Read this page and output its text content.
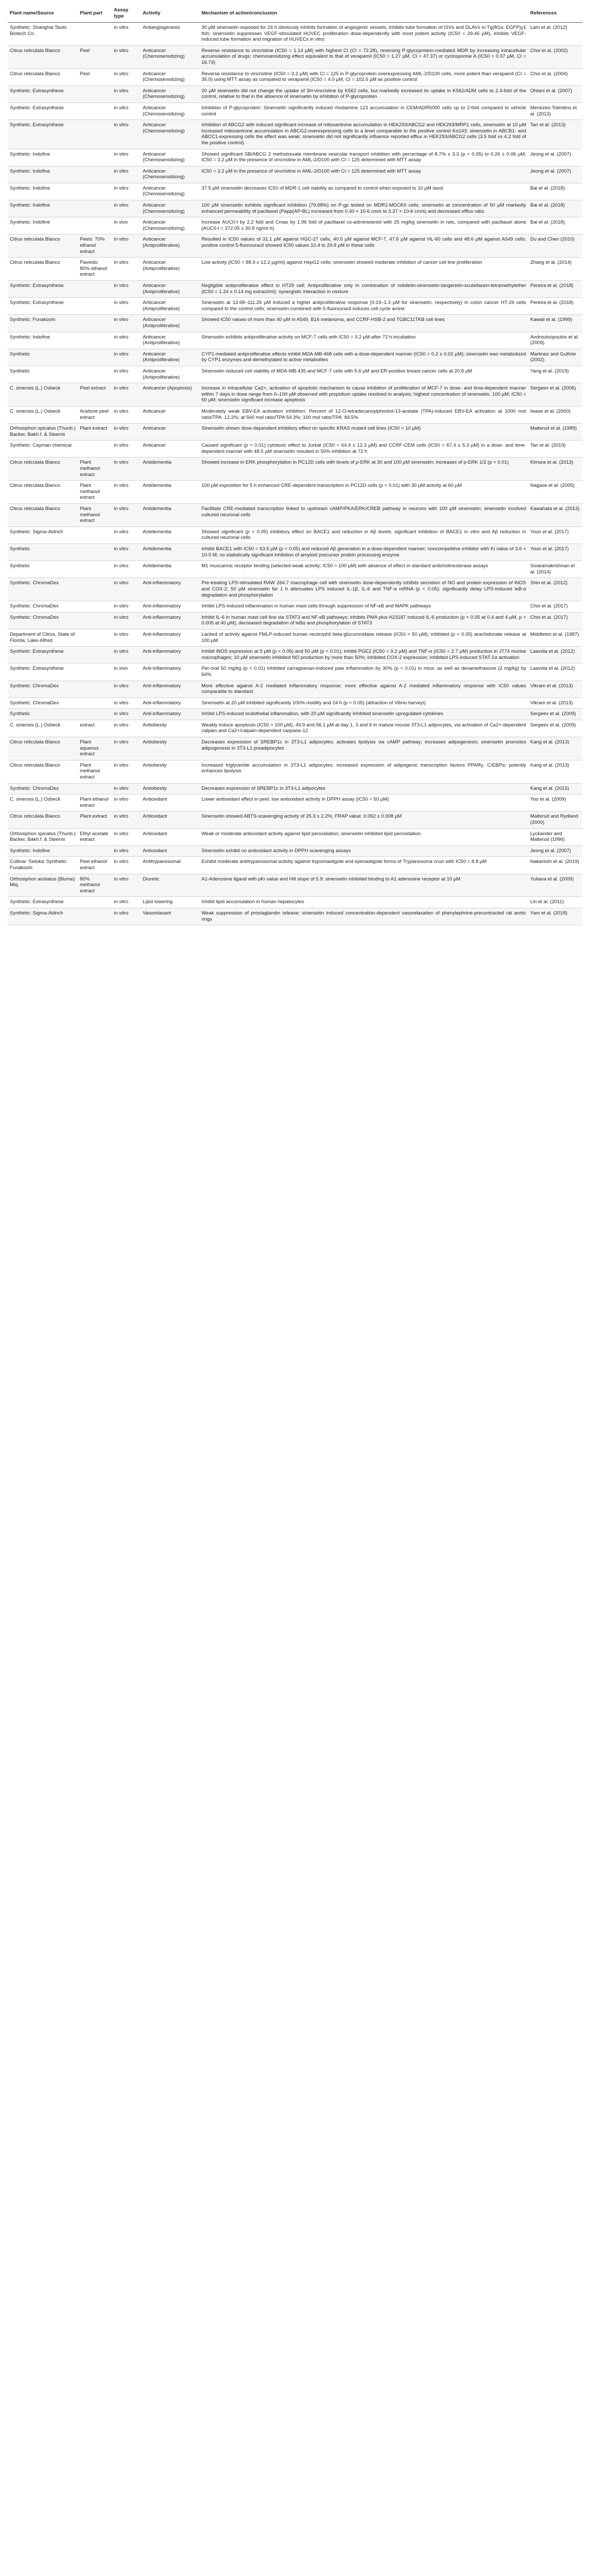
Plant name/Source	Plant part	Assay type	Activity	Mechanism of action/conclusion	References
Synthetic: Shanghai Tauto Biotech Co.		in vitro	Antiangiogenesis	30 µM sinensetin exposed for 24 h obviously inhibits formation of angiogenic vessels, inhibits tube formation of ISVs and DLAVs in Tg(fli1a: EGFP)y1 fish; sinensetin suppresses VEGF-stimulated HUVEC proliferation dose-dependently with most potent activity (IC50 = 29.46 µM), inhibits VEGF-induced tube formation and migration of HUVECs in vitro	Lam et al. (2012)
Citrus reticulata Blanco	Peel	in vitro	Anticancer (Chemosensitizing)	Reverse resistance to vincristine (IC50 = 1.14 µM) with highest CI (CI = 72.28), reversing P-glycoprotein-mediated MDR by increasing intracellular accumulation of drugs; chemosensitizing effect equivalent to that of verapamil (IC50 = 1.27 µM, CI = 47.37) or cyclosporine A (IC50 = 0.97 µM, CI = 16.73)	Choi et al. (2002)
Citrus reticulata Blanco	Peel	in vitro	Anticancer (Chemosensitizing)	Reverse resistance to vincristine (IC50 = 3.2 µM) with CI = 125 in P-glycoprotein overexpressing AML-2/D100 cells, more potent than verapamil (CI = 35.0) using MTT assay as compared to verapamil (IC50 = 4.0 µM, CI = 102.5 µM as positive control	Choi et al. (2004)
Synthetic: Extrasynthese		in vitro	Anticancer (Chemosensitizing)	20 µM sinensetin did not change the uptake of 3H-vincristine by K562 cells, but markedly increased its uptake in K562/ADM cells to 2.4-fold of the control, relative to that in the absence of sinensetin by inhibition of P-glycoprotein	Ohtani et al. (2007)
Synthetic: Extrasynthese		in vitro	Anticancer (Chemosensitizing)	Inhibition of P-glycoprotein: Sinensetin significantly induced rhodamine 123 accumulation in CEM/ADR5000 cells up to 2-fold compared to vehicle control	Menezes-Tolentino et al. (2013)
Synthetic: Extrasynthese		in vitro	Anticancer (Chemosensitizing)	Inhibition of ABCG2 with induced significant increase of mitoxantrone accumulation in HEK293/ABCG2 and HEK293/MRP1 cells, sinensetin at 10 µM increased mitoxantrone accumulation in ABCG2-overexpressing cells to a level comparable to the positive control Ko143; sinensetin in ABCB1- and ABCC1-expressing cells the effect was weak; sinensetin did not significantly influence reported efflux in HEK293/ABCG2 cells (3.5 fold vs 4.2 fold of the positive control)	Tan et al. (2013)
Synthetic: Indofine		in vitro	Anticancer (Chemosensitizing)	Showed significant SB/ABCG 2 methotrexate membrane vesicular transport inhibition with percentage of 8.7% ± 3.3 (p < 0.05) to 0.26 ± 0.06 µM; IC50 = 3.2 µM in the presence of vincristine in AML-2/D100 with CI = 125 determined with MTT assay	Jeong et al. (2007)
Synthetic: Indofine		in vitro	Anticancer (Chemosensitizing)	IC50 = 3.2 µM in the presence of vincristine in AML-2/D100 with CI = 125 determined with MTT assay	Jeong et al. (2007)
Synthetic: Indofine		in vitro	Anticancer (Chemosensitizing)	37.5 µM sinensetin decreases IC50 of MDR-1 cell viability as compared to control when exposed to 10 µM taxol	Bai et al. (2018)
Synthetic: Indofine		in vitro	Anticancer (Chemosensitizing)	100 µM sinensetin exhibits significant inhibition (79.68%) on P-gp tested on MDR1-MDCKII cells; sinensetin at concentration of 50 µM markedly enhanced permeability of paclitaxel (Papp(AP-BL) increased from 0.40 × 10-6 cm/s to 3.37 × 10-6 cm/s) and decreased efflux ratio	Bai et al. (2018)
Synthetic: Indofine		in vivo	Anticancer (Chemosensitizing)	Increase AUC0-t by 2.2 fold and Cmax by 1.96 fold of paclitaxel co-administered with 25 mg/kg sinensetin in rats, compared with paclitaxel alone (AUC0-t = 372.05 ± 30.8 ng/ml·h)	Bai et al. (2018)
Citrus reticulata Blanco	Peels: 70% ethanol extract	in vitro	Anticancer (Antiproliferative)	Resulted in IC50 values of 31.1 µM against HGC-27 cells, 40.5 µM against MCF-7, 47.6 µM against HL-60 cells and 48.6 µM against A549 cells; positive control 5-fluorouracil showed IC50 values 10.4 to 29.8 µM in these cells	Du and Chen (2010)
Citrus reticulata Blanco	Flavedo: 80% ethanol extract	in vitro	Anticancer (Antiproliferative)	Low activity (IC50 = 88.9 ± 12.2 µg/ml) against HepG2 cells; sinensetin showed moderate inhibition of cancer cell line proliferation	Zhang et al. (2014)
Synthetic: Extrasynthese		in vitro	Anticancer (Antiproliferative)	Negligible antiproliferative effect in HT29 cell; Antiproliferative only in combination of nobiletin-sinensetin-tangeretin-scutellarein-tetramethylether (IC50 = 1.24 ± 0.14 mg extract/ml); synergistic interaction in mixture	Pereira et al. (2018)
Synthetic: Extrasynthese		in vitro	Anticancer (Antiproliferative)	Sinensetin at 13.68–111.26 µM induced a higher antiproliferative response (0.19–1.3 µM for sinensetin, respectively) in colon cancer HT-29 cells compared to the control cells; sinensetin combined with 5-fluorouracil induces cell cycle arrest	Pereira et al. (2018)
Synthetic: Funakoshi		in vitro	Anticancer (Antiproliferative)	Showed IC50 values of more than 40 µM in A549, B16 melanoma, and CCRF-HSB-2 and TGBC11TKB cell lines	Kawaii et al. (1999)
Synthetic: Indofine		in vitro	Anticancer (Antiproliferative)	Sinensetin exhibits antiproliferative activity on MCF-7 cells with IC50 = 0.2 µM after 72 h incubation	Androutsopoulos et al. (2009)
Synthetic		in vitro	Anticancer (Antiproliferative)	CYP1-mediated antiproliferative effects inhibit MDA-MB-468 cells with a dose-dependent manner (IC50 = 0.2 ± 0.02 µM); sinensetin was metabolized by CYP1 enzymes and demethylated to active metabolites	Martinez and Guthrie (2002)
Synthetic		in vitro	Anticancer (Antiproliferative)	Sinensetin reduced cell viability of MDA-MB-435 and MCF-7 cells with 5.6 µM and ER-positive breast cancer cells at 20.8 µM	Yang et al. (2019)
C. sinensis (L.) Osbeck	Peel extract	in vitro	Anticancer (Apoptosis)	Increase in intracellular Ca2+, activation of apoptotic mechanism to cause inhibition of proliferation of MCF-7 in dose- and time-dependent manner within 7 days in dose range from 0–100 µM observed with propidium uptake resolved in analysis; highest concentration of sinensetin, 100 µM; IC50 = 50 µM; sinensetin significant increase apoptosis	Sergeev et al. (2006)
C. sinensis (L.) Osbeck	Acetone peel extract	in vitro	Anticancer	Moderately weak EBV-EA activation inhibition: Percent of 12-O-tetradecanoylphorbol-13-acetate (TPA)-induced EBV-EA activation at 1000 mol ratio/TPA: 12.2%; at 500 mol ratio/TPA 54.3%; 100 mol ratio/TPA: 84.5%	Iwase et al. (2000)
Orthosiphon spicatus (Thunb.) Backer, Bakh.f. & Steenis	Plant extract	in vitro	Anticancer	Sinensetin shown dose-dependent inhibitory effect on specific KRAS mutant cell lines (IC50 < 10 µM)	Malterud et al. (1989)
Synthetic: Cayman chemical		in vitro	Anticancer	Caused significant (p < 0.01) cytotoxic effect to Jurkat (IC50 = 64.4 ± 12.3 µM) and CCRF-CEM cells (IC50 = 67.4 ± 5.3 µM) in a dose- and time-dependent manner with 48.5 µM sinensetin resulted in 50% inhibition at 72 h	Tan et al. (2019)
Citrus reticulata Blanco	Plant methanol extract	in vitro	Antidementia	Showed increase in ERK phosphorylation in PC12D cells with levels of p-ERK at 30 and 100 µM sinensetin; increases of p-ERK 1/2 (p < 0.01)	Kimura et al. (2013)
Citrus reticulata Blanco	Plant methanol extract	in vitro	Antidementia	100 µM exposition for 5 h enhanced CRE-dependent transcription in PC12D cells (p < 0.01) with 30 µM activity at 60 µM	Nagase et al. (2005)
Citrus reticulata Blanco	Plant methanol extract	in vitro	Antidementia	Facilitate CRE-mediated transcription linked to upstream cAMP/PKA/ERK/CREB pathway in neurons with 100 µM sinensetin; sinensetin involved cultured neuronal cells	Kawahata et al. (2013)
Synthetic: Sigma-Aldrich		in vitro	Antidementia	Showed significant (p < 0.05) inhibitory effect on BACE1 and reduction in Aβ levels; significant inhibition of BACE1 in vitro and Aβ reduction in cultured neuronal cells	Youn et al. (2017)
Synthetic		in vitro	Antidementia	Inhibit BACE1 with IC50 = 63.5 µM (p < 0.05) and reduced Aβ generation in a dose-dependent manner; noncompetitive inhibitor with Ki value of 3.6 × 10-5 M; no statistically significant inhibition of amyloid precursor protein processing enzyme	Youn et al. (2017)
Synthetic		in vitro	Antidementia	M1 muscarinic receptor binding (selected weak activity; IC50 > 100 µM) with absence of effect in standard anticholinesterase assays	Sivaramakrishnan et al. (2014)
Synthetic: ChromaDex		in vitro	Anti-inflammatory	Pre-treating LPS-stimulated RAW 264.7 macrophage cell with sinensetin dose-dependently inhibits secretion of NO and protein expression of iNOS and COX-2; 50 µM sinensetin for 1 h attenuates LPS induced IL-1β, IL-6 and TNF-α mRNA (p < 0.05); significantly delay LPS-induced IκB-α degradation and phosphorylation	Shin et al. (2012)
Synthetic: ChromaDex		in vitro	Anti-inflammatory	Inhibit LPS-induced inflammation in human mast cells through suppression of NF-κB and MAPK pathways	Choi et al. (2017)
Synthetic: ChromaDex		in vitro	Anti-inflammatory	Inhibit IL-6 in human mast cell line via STAT3 and NF-κB pathways; inhibits PMA plus A23187 induced IL-6 production (p < 0.05 at 0.4 and 4 µM, p < 0.005 at 40 µM), decreased degradation of IκBα and phosphorylation of STAT3	Choi et al. (2017)
Department of Citrus, State of Florida, Lake-Alfred		in vitro	Anti-inflammatory	Lacked of activity against FMLP-induced human neutrophil beta-glucuronidase release (IC50 > 50 µM); inhibited (p < 0.05) arachidonate release at 100 µM	Middleton et al. (1987)
Synthetic: Extrasynthese		in vitro	Anti-inflammatory	Inhibit iNOS expression at 5 µM (p < 0.05) and 50 µM (p < 0.01); inhibit PGE2 (IC50 = 9.2 µM) and TNF-α (IC50 = 2.7 µM) production in J774 murine macrophages; 10 µM sinensetin inhibited NO production by more than 50%; inhibited COX-2 expression; inhibited LPS-induced STAT-1α activation	Laavola et al. (2012)
Synthetic: Extrasynthese		in vivo	Anti-inflammatory	Per-oral 50 mg/kg (p < 0.01) inhibited carrageenan-induced paw inflammation by 30% (p < 0.01) in mice; as well as dexamethasone (2 mg/kg) by 64%	Laavola et al. (2012)
Synthetic: ChromaDex		in vitro	Anti-inflammatory	More effective against A-2 mediated inflammatory response; more effective against A-2 mediated inflammatory response with IC50 values comparable to standard	Vikram et al. (2013)
Synthetic: ChromaDex		in vitro	Anti-inflammatory	Sinensetin at 20 µM inhibited significantly 100% motility and 24 h (p < 0.05) (attraction of Vibrio harveyi)	Vikram et al. (2013)
Synthetic		in vitro	Anti-inflammatory	Inhibit LPS-induced endothelial inflammation, with 20 µM significantly inhibited sinensetin upregulated cytokines	Sergeev et al. (2009)
C. sinensis (L.) Osbeck	extract	in vitro	Antiobesity	Weakly induce apoptosis (IC50 > 100 µM), 49.9 and 56.1 µM at day 1, 3 and 6 in mature mouse 3T3-L1 adipocytes, via activation of Ca2+-dependent calpain and Ca2+/calpain-dependent caspase-12	Sergeev et al. (2009)
Citrus reticulata Blanco	Plant aqueous extract	in vitro	Antiobesity	Decreases expression of SREBP1c in 3T3-L1 adipocytes; activates lipolysis via cAMP pathway; increases adipogenesis; sinensetin promotes adipogenesis in 3T3-L1 preadipocytes	Kang et al. (2013)
Citrus reticulata Blanco	Plant methanol extract	in vitro	Antiobesity	Increased triglyceride accumulation in 3T3-L1 adipocytes; increased expression of adipogenic transcription factors PPARγ, C/EBPα; potently enhances lipolysis	Kang et al. (2013)
Synthetic: ChromaDex		in vitro	Antiobesity	Decreases expression of SREBP1c in 3T3-L1 adipocytes	Kang et al. (2015)
C. sinensis (L.) Osbeck	Plant ethanol extract	in vitro	Antioxidant	Lower antioxidant effect in peel, low antioxidant activity in DPPH assay (IC50 > 50 µM)	Yoo et al. (2009)
Citrus reticulata Blanco	Plant extract	in vitro	Antioxidant	Sinensetin showed ABTS-scavenging activity of 25.3 ± 2.2%; FRAP value: 0.062 ± 0.008 µM	Malterud and Rydland (2000)
Orthosiphon spicatus (Thunb.) Backer, Bakh.f. & Steenis	Ethyl acetate extract	in vitro	Antioxidant	Weak or moderate antioxidant activity against lipid peroxidation; sinensetin inhibited lipid peroxidation	Lyckander and Malterud (1996)
Synthetic: Indofine		in vitro	Antioxidant	Sinensetin exhibit no antioxidant activity in DPPH scavenging assays	Jeong et al. (2007)
Cultivar 'Setoka' Synthetic: Funakoshi	Peel ethanol extract	in vitro	Antitrypanosomal	Exhibit moderate antitrypanosomal activity against trypomastigote and epimastigote forms of Trypanosoma cruzi with IC50 = 8.8 µM	Nakanishi et al. (2019)
Orthosiphon aristatus (Blume) Miq.	80% methanol extract	in vitro	Diuretic	A1-Adenosine ligand with pKi value and Hill slope of 5.9; sinensetin inhibited binding to A1 adenosine receptor at 10 µM	Yuliana et al. (2009)
Synthetic: Extrasynthese		in vitro	Lipid lowering	Inhibit lipid accumulation in human hepatocytes	Lin et al. (2011)
Synthetic: Sigma-Aldrich		in vitro	Vasorelaxant	Weak suppression of prostaglandin release; sinensetin induced concentration-dependent vasorelaxation of phenylephrine-precontracted rat aortic rings	Yam et al. (2018)
